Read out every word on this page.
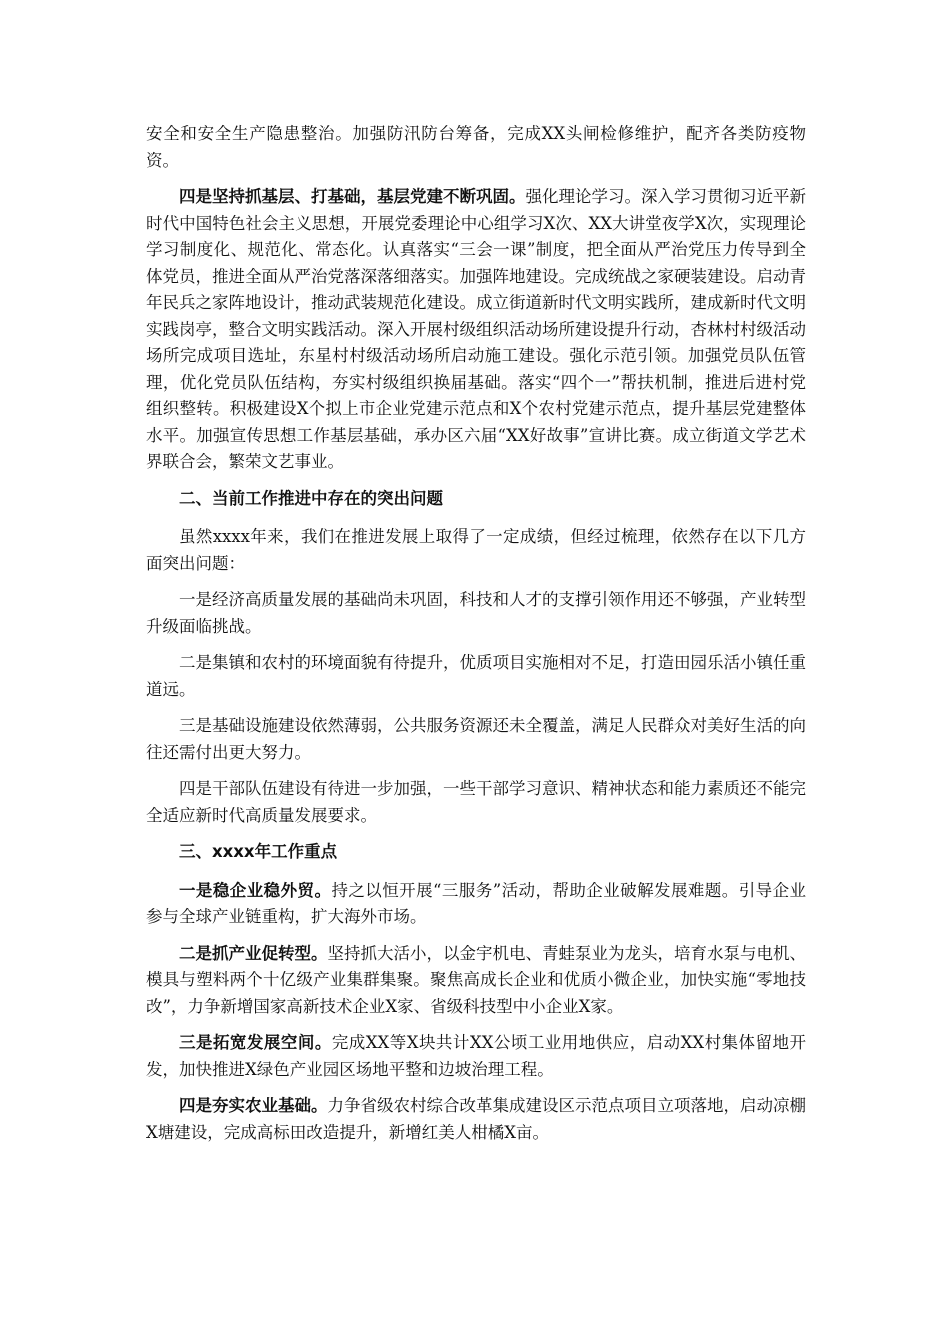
安全和安全生产隐患整治。加强防汛防台筹备，完成XX头闸检修维护，配齐各类防疫物资。

四是坚持抓基层、打基础，基层党建不断巩固。强化理论学习。深入学习贯彻习近平新时代中国特色社会主义思想，开展党委理论中心组学习X次、XX大讲堂夜学X次，实现理论学习制度化、规范化、常态化。认真落实“三会一课”制度，把全面从严治党压力传导到全体党员，推进全面从严治党落深落细落实。加强阵地建设。完成统战之家硬装建设。启动青年民兵之家阵地设计，推动武装规范化建设。成立街道新时代文明实践所，建成新时代文明实践岗亭，整合文明实践活动。深入开展村级组织活动场所建设提升行动，杏林村村级活动场所完成项目选址，东星村村级活动场所启动施工建设。强化示范引领。加强党员队伍管理，优化党员队伍结构，夯实村级组织换届基础。落实“四个一”帮扶机制，推进后进村党组织整转。积极建设X个拟上市企业党建示范点和X个农村党建示范点，提升基层党建整体水平。加强宣传思想工作基层基础，承办区六届“XX好故事”宣讲比赛。成立街道文学艺术界联合会，繁荣文艺事业。

二、当前工作推进中存在的突出问题

虽然xxxx年来，我们在推进发展上取得了一定成绩，但经过梳理，依然存在以下几方面突出问题：

一是经济高质量发展的基础尚未巩固，科技和人才的支撑引领作用还不够强，产业转型升级面临挑战。

二是集镇和农村的环境面貌有待提升，优质项目实施相对不足，打造田园乐活小镇任重道远。

三是基础设施建设依然薄弱，公共服务资源还未全覆盖，满足人民群众对美好生活的向往还需付出更大努力。

四是干部队伍建设有待进一步加强，一些干部学习意识、精神状态和能力素质还不能完全适应新时代高质量发展要求。

三、xxxx年工作重点

一是稳企业稳外贸。持之以恒开展“三服务”活动，帮助企业破解发展难题。引导企业参与全球产业链重构，扩大海外市场。

二是抓产业促转型。坚持抓大活小，以金宇机电、青蛙泵业为龙头，培育水泵与电机、模具与塑料两个十亿级产业集群集聚。聚焦高成长企业和优质小微企业，加快实施“零地技改”，力争新增国家高新技术企业X家、省级科技型中小企业X家。

三是拓宽发展空间。完成XX等X块共计XX公顷工业用地供应，启动XX村集体留地开发，加快推进X绿色产业园区场地平整和边坡治理工程。

四是夯实农业基础。力争省级农村综合改革集成建设区示范点项目立项落地，启动凉棚X塘建设，完成高标田改造提升，新增红美人柑橘X亩。
